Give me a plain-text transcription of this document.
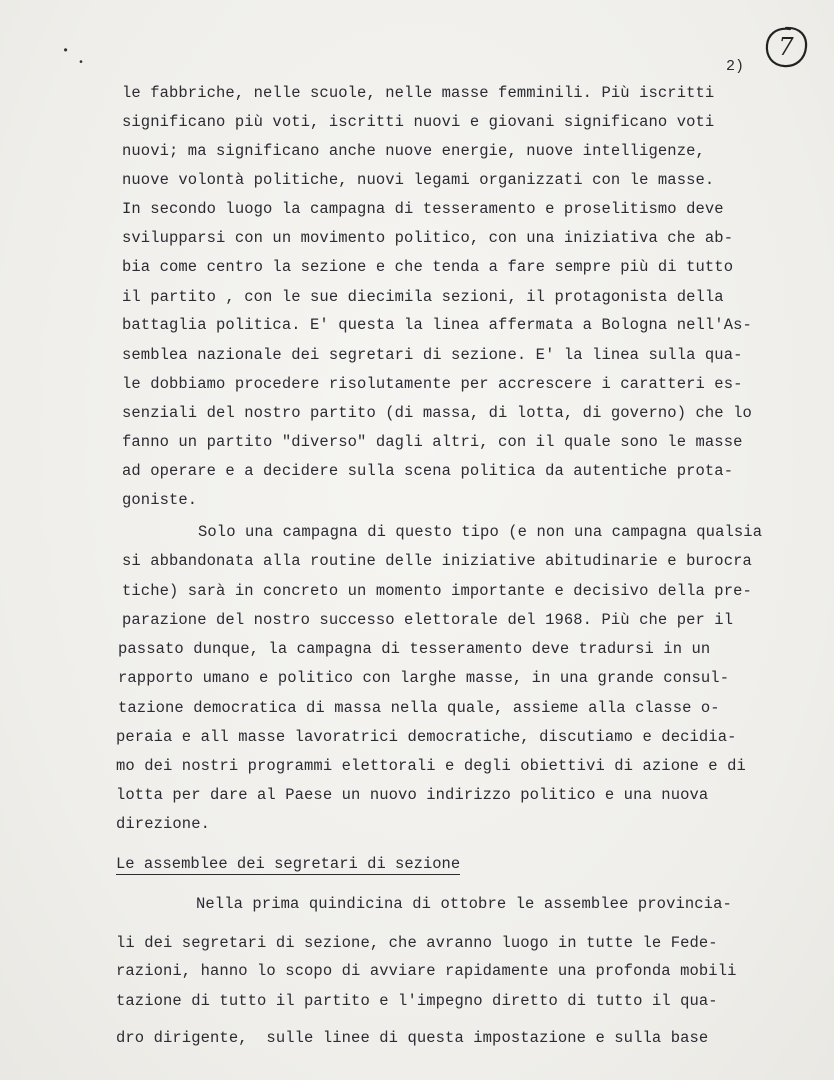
•
•
7
2)
le fabbriche, nelle scuole, nelle masse femminili. Più iscritti
significano più voti, iscritti nuovi e giovani significano voti
nuovi; ma significano anche nuove energie, nuove intelligenze,
nuove volontà politiche, nuovi legami organizzati con le masse.
In secondo luogo la campagna di tesseramento e proselitismo deve
svilupparsi con un movimento politico, con una iniziativa che ab-
bia come centro la sezione e che tenda a fare sempre più di tutto
il partito , con le sue diecimila sezioni, il protagonista della
battaglia politica. E' questa la linea affermata a Bologna nell'As-
semblea nazionale dei segretari di sezione. E' la linea sulla qua-
le dobbiamo procedere risolutamente per accrescere i caratteri es-
senziali del nostro partito (di massa, di lotta, di governo) che lo
fanno un partito "diverso" dagli altri, con il quale sono le masse
ad operare e a decidere sulla scena politica da autentiche prota-
goniste.
Solo una campagna di questo tipo (e non una campagna qualsia
si abbandonata alla routine delle iniziative abitudinarie e burocra
tiche) sarà in concreto un momento importante e decisivo della pre-
parazione del nostro successo elettorale del 1968. Più che per il
passato dunque, la campagna di tesseramento deve tradursi in un
rapporto umano e politico con larghe masse, in una grande consul-
tazione democratica di massa nella quale, assieme alla classe o-
peraia e all masse lavoratrici democratiche, discutiamo e decidia-
mo dei nostri programmi elettorali e degli obiettivi di azione e di
lotta per dare al Paese un nuovo indirizzo politico e una nuova
direzione.
Le assemblee dei segretari di sezione
Nella prima quindicina di ottobre le assemblee provincia-
li dei segretari di sezione, che avranno luogo in tutte le Fede-
razioni, hanno lo scopo di avviare rapidamente una profonda mobili
tazione di tutto il partito e l'impegno diretto di tutto il qua-
dro dirigente,  sulle linee di questa impostazione e sulla base
